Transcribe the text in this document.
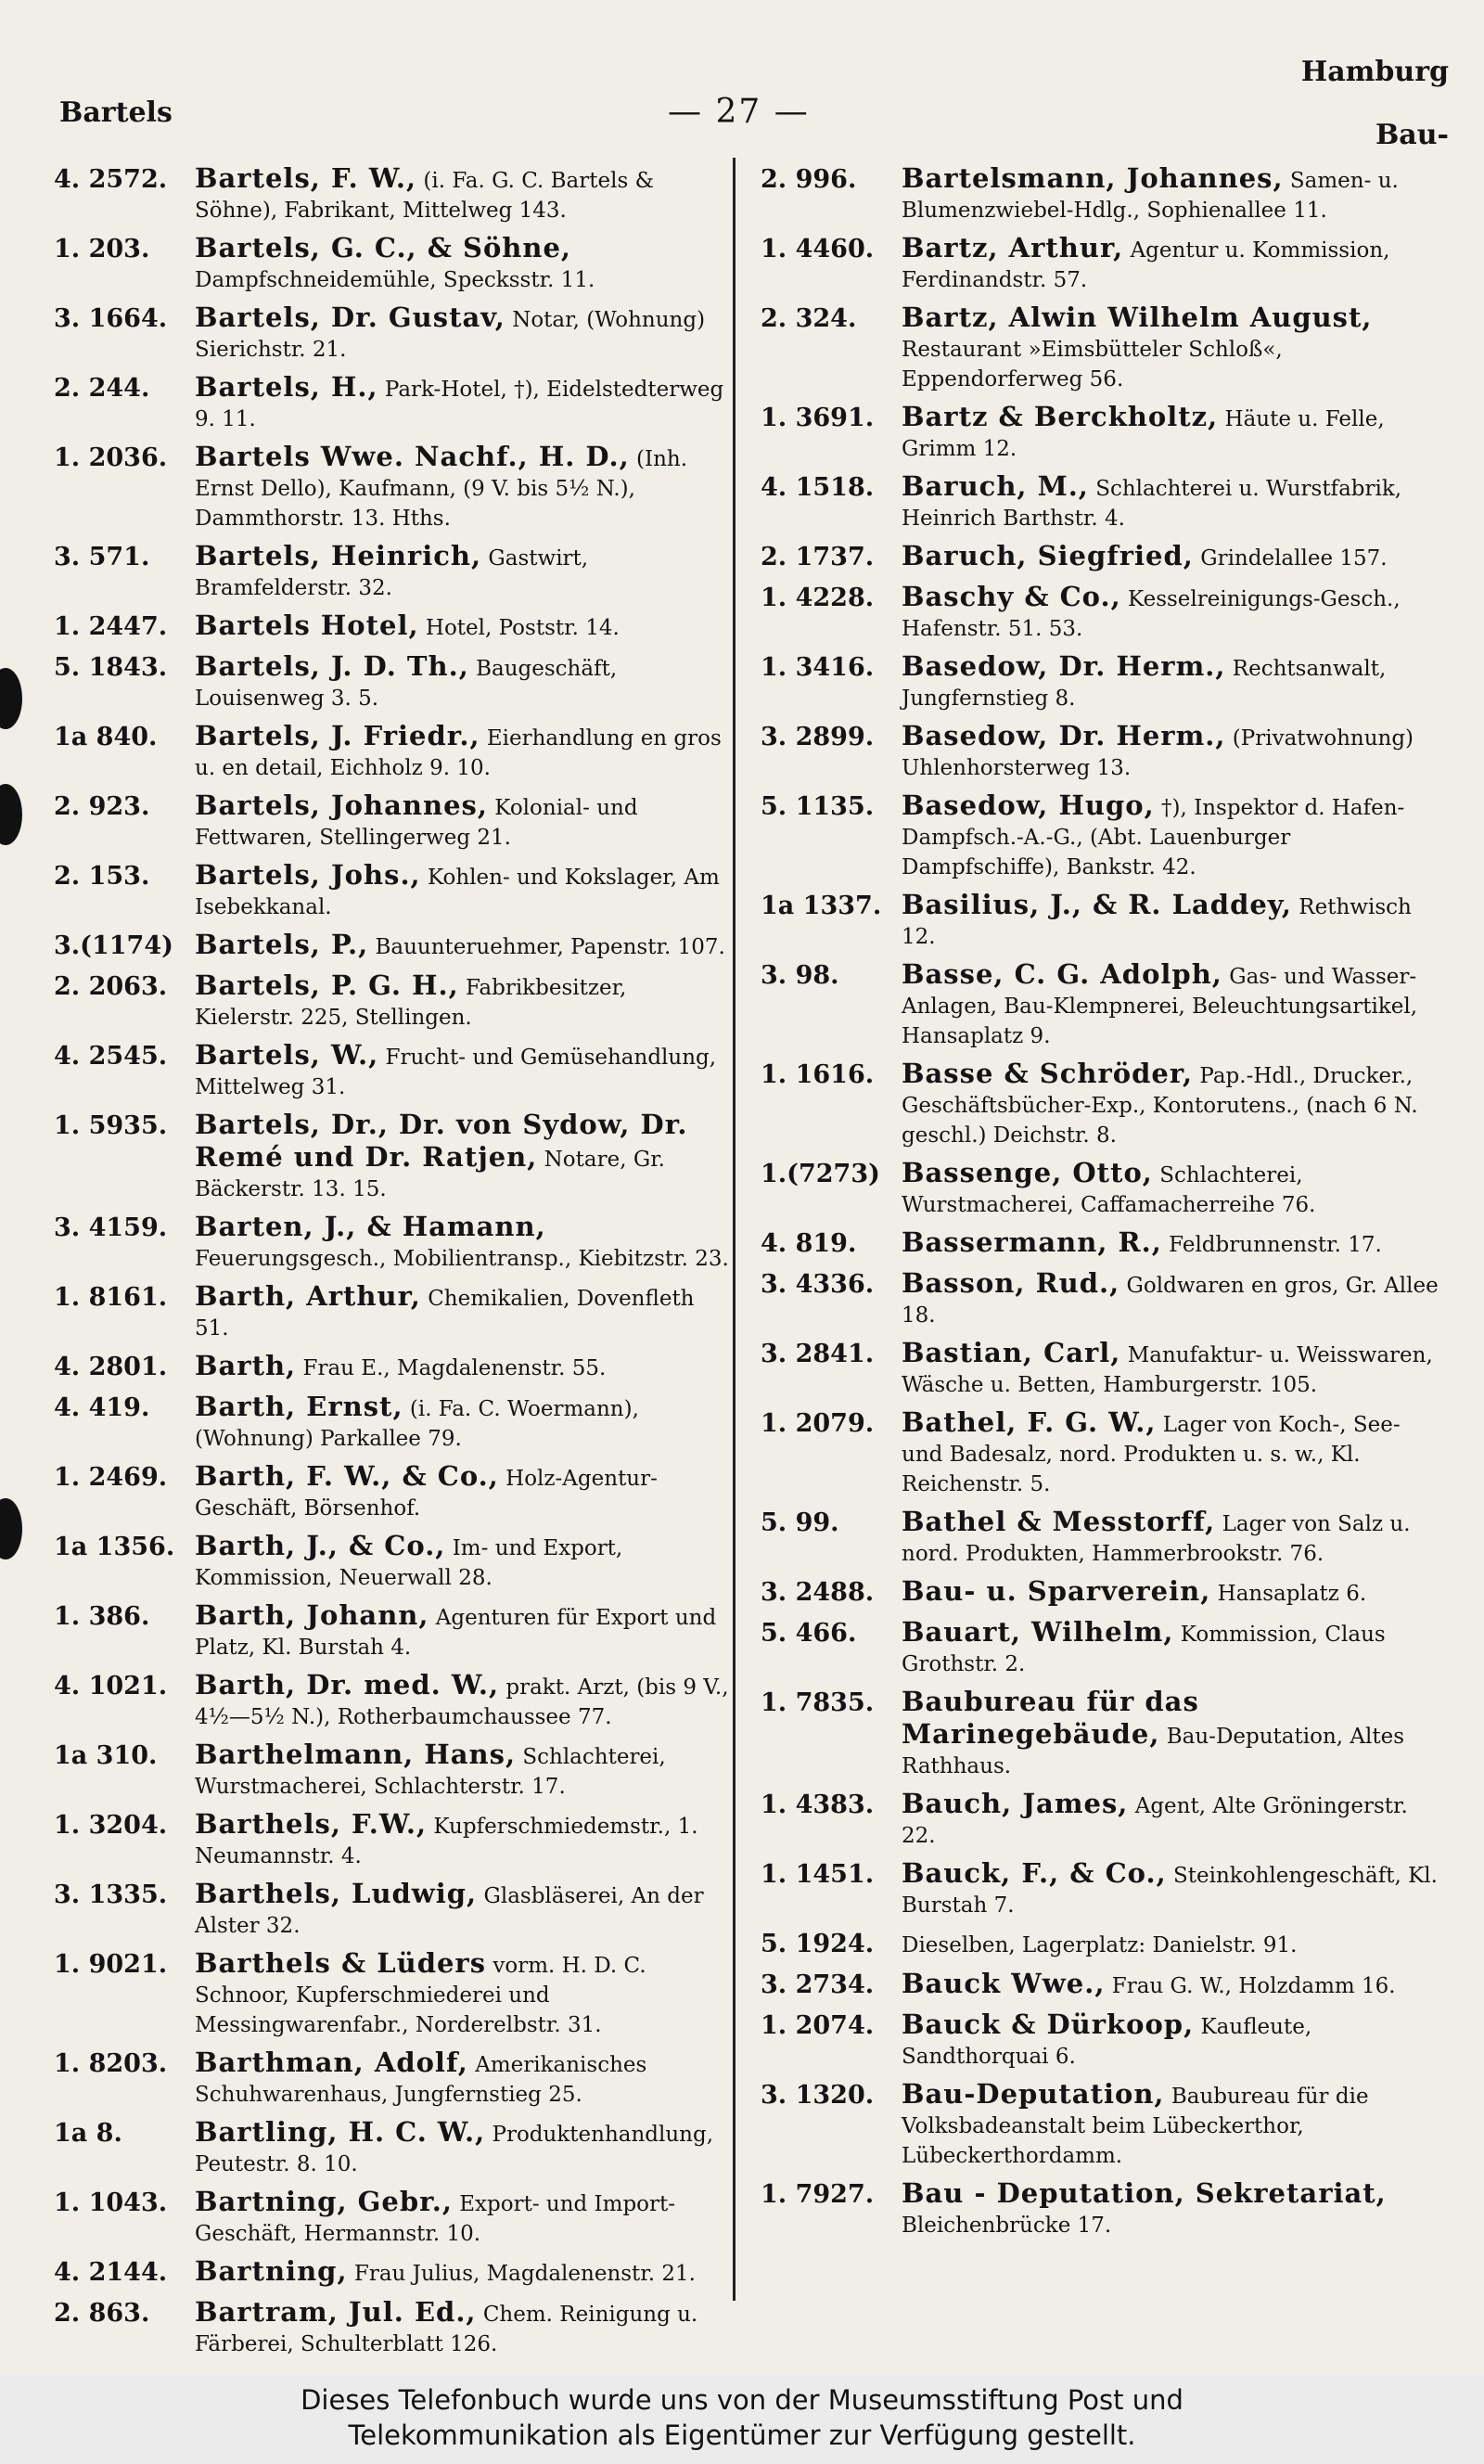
Bartels	— 27 —
Hamburg
Bau-
4. 2572.	Bartels, F. W., (i. Fa. G. C. Bartels & Söhne), Fabrikant, Mittelweg 143.
1. 203.	Bartels, G. C., & Söhne, Dampfschneidemühle, Specksstr. 11.
3. 1664.	Bartels, Dr. Gustav, Notar, (Wohnung) Sierichstr. 21.
2. 244.	Bartels, H., Park-Hotel, †), Eidelstedterweg 9. 11.
1. 2036.	Bartels Wwe. Nachf., H. D., (Inh. Ernst Dello), Kaufmann, (9 V. bis 5½ N.), Dammthorstr. 13. Hths.
3. 571.	Bartels, Heinrich, Gastwirt, Bramfelderstr. 32.
1. 2447.	Bartels Hotel, Hotel, Poststr. 14.
5. 1843.	Bartels, J. D. Th., Baugeschäft, Louisenweg 3. 5.
1a 840.	Bartels, J. Friedr., Eierhandlung en gros u. en detail, Eichholz 9. 10.
2. 923.	Bartels, Johannes, Kolonial- und Fettwaren, Stellingerweg 21.
2. 153.	Bartels, Johs., Kohlen- und Kokslager, Am Isebekkanal.
3.(1174) Bartels, P., Bauunteruehmer, Papenstr. 107.
2. 2063.	Bartels, P. G. H., Fabrikbesitzer, Kielerstr. 225, Stellingen.
4. 2545.	Bartels, W., Frucht- und Gemüsehandlung, Mittelweg 31.
1. 5935.	Bartels, Dr., Dr. von Sydow, Dr. Remé und Dr. Ratjen, Notare, Gr. Bäckerstr. 13. 15.
3. 4159.	Barten, J., & Hamann, Feuerungsgesch., Mobilientransp., Kiebitzstr. 23.
1. 8161.	Barth, Arthur, Chemikalien, Dovenfleth 51.
4. 2801.	Barth, Frau E., Magdalenenstr. 55.
4. 419.	Barth, Ernst, (i. Fa. C. Woermann), (Wohnung) Parkallee 79.
1. 2469.	Barth, F. W., & Co., Holz-Agentur-Geschäft, Börsenhof.
1a 1356. Barth, J., & Co., Im- und Export, Kommission, Neuerwall 28.
1. 386.	Barth, Johann, Agenturen für Export und Platz, Kl. Burstah 4.
4. 1021.	Barth, Dr. med. W., prakt. Arzt, (bis 9 V., 4½—5½ N.), Rotherbaumchaussee 77.
1a 310.	Barthelmann, Hans, Schlachterei, Wurstmacherei, Schlachterstr. 17.
1. 3204.	Barthels, F.W., Kupferschmiedemstr., 1. Neumannstr. 4.
3. 1335.	Barthels, Ludwig, Glasbläserei, An der Alster 32.
1. 9021.	Barthels & Lüders vorm. H. D. C. Schnoor, Kupferschmiederei und Messingwarenfabr., Norderelbstr. 31.
1. 8203.	Barthman, Adolf, Amerikanisches Schuhwarenhaus, Jungfernstieg 25.
1a 8.	Bartling, H. C. W., Produktenhandlung, Peutestr. 8. 10.
1. 1043.	Bartning, Gebr., Export- und Import-Geschäft, Hermannstr. 10.
4. 2144.	Bartning, Frau Julius, Magdalenenstr. 21.
2. 863.	Bartram, Jul. Ed., Chem. Reinigung u. Färberei, Schulterblatt 126.
2. 996.	Bartelsmann, Johannes, Samen- u. Blumenzwiebel-Hdlg., Sophienallee 11.
1. 4460.	Bartz, Arthur, Agentur u. Kommission, Ferdinandstr. 57.
2. 324.	Bartz, Alwin Wilhelm August, Restaurant »Eimsbütteler Schloß«, Eppendorferweg 56.
1. 3691.	Bartz & Berckholtz, Häute u. Felle, Grimm 12.
4. 1518.	Baruch, M., Schlachterei u. Wurstfabrik, Heinrich Barthstr. 4.
2. 1737.	Baruch, Siegfried, Grindelallee 157.
1. 4228.	Baschy & Co., Kesselreinigungs-Gesch., Hafenstr. 51. 53.
1. 3416.	Basedow, Dr. Herm., Rechtsanwalt, Jungfernstieg 8.
3. 2899.	Basedow, Dr. Herm., (Privatwohnung) Uhlenhorsterweg 13.
5. 1135.	Basedow, Hugo, †), Inspektor d. Hafen-Dampfsch.-A.-G., (Abt. Lauenburger Dampfschiffe), Bankstr. 42.
1a 1337. Basilius, J., & R. Laddey, Rethwisch 12.
3. 98.	Basse, C. G. Adolph, Gas- und Wasser-Anlagen, Bau-Klempnerei, Beleuchtungsartikel, Hansaplatz 9.
1. 1616.	Basse & Schröder, Pap.-Hdl., Drucker., Geschäftsbücher-Exp., Kontorutens., (nach 6 N. geschl.) Deichstr. 8.
1.(7273) Bassenge, Otto, Schlachterei, Wurstmacherei, Caffamacherreihe 76.
4. 819.	Bassermann, R., Feldbrunnenstr. 17.
3. 4336.	Basson, Rud., Goldwaren en gros, Gr. Allee 18.
3. 2841.	Bastian, Carl, Manufaktur- u. Weisswaren, Wäsche u. Betten, Hamburgerstr. 105.
1. 2079.	Bathel, F. G. W., Lager von Koch-, See- und Badesalz, nord. Produkten u. s. w., Kl. Reichenstr. 5.
5. 99.	Bathel & Messtorff, Lager von Salz u. nord. Produkten, Hammerbrookstr. 76.
3. 2488.	Bau- u. Sparverein, Hansaplatz 6.
5. 466.	Bauart, Wilhelm, Kommission, Claus Grothstr. 2.
1. 7835.	Baubureau für das Marinegebäude, Bau-Deputation, Altes Rathhaus.
1. 4383.	Bauch, James, Agent, Alte Gröningerstr. 22.
1. 1451.	Bauck, F., & Co., Steinkohlengeschäft, Kl. Burstah 7.
5. 1924.	Dieselben, Lagerplatz: Danielstr. 91.
3. 2734.	Bauck Wwe., Frau G. W., Holzdamm 16.
1. 2074.	Bauck & Dürkoop, Kaufleute, Sandthorquai 6.
3. 1320.	Bau-Deputation, Baubureau für die Volksbadeanstalt beim Lübeckerthor, Lübeckerthordamm.
1. 7927.	Bau - Deputation, Sekretariat, Bleichenbrücke 17.
Dieses Telefonbuch wurde uns von der Museumsstiftung Post und
Telekommunikation als Eigentümer zur Verfügung gestellt.
